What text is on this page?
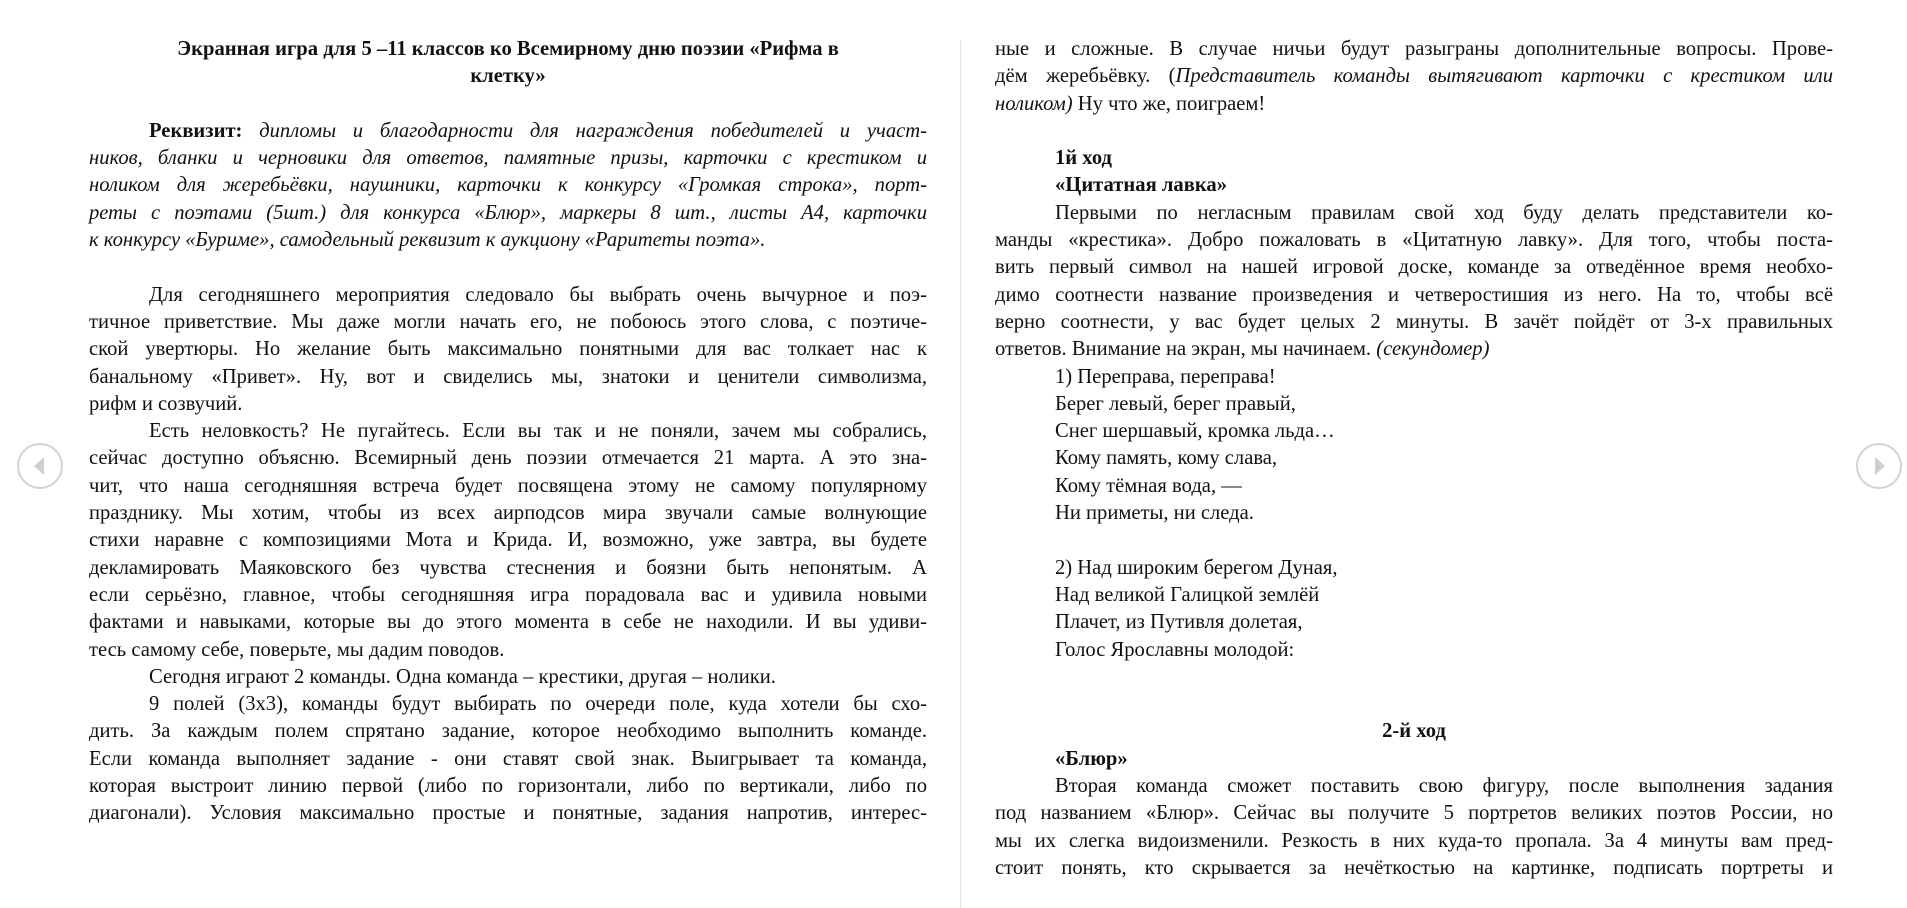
Экранная игра для 5 –11 классов ко Всемирному дню поэзии «Рифма в
клетку»

Реквизит: дипломы и благодарности для награждения победителей и участ-

ников, бланки и черновики для ответов, памятные призы, карточки с крестиком и

ноликом для жеребьёвки, наушники, карточки к конкурсу «Громкая строка», порт-

реты с поэтами (5шт.) для конкурса «Блюр», маркеры 8 шт., листы А4, карточки

к конкурсу «Буриме», самодельный реквизит к аукциону «Раритеты поэта».

Для сегодняшнего мероприятия следовало бы выбрать очень вычурное и поэ-

тичное приветствие. Мы даже могли начать его, не побоюсь этого слова, с поэтиче-

ской увертюры. Но желание быть максимально понятными для вас толкает нас к

банальному «Привет». Ну, вот и свиделись мы, знатоки и ценители символизма,

рифм и созвучий.

Есть неловкость? Не пугайтесь. Если вы так и не поняли, зачем мы собрались,

сейчас доступно объясню. Всемирный день поэзии отмечается 21 марта. А это зна-

чит, что наша сегодняшняя встреча будет посвящена этому не самому популярному

празднику. Мы хотим, чтобы из всех аирподсов мира звучали самые волнующие

стихи наравне с композициями Мота и Крида. И, возможно, уже завтра, вы будете

декламировать Маяковского без чувства стеснения и боязни быть непонятым. А

если серьёзно, главное, чтобы сегодняшняя игра порадовала вас и удивила новыми

фактами и навыками, которые вы до этого момента в себе не находили. И вы удиви-

тесь самому себе, поверьте, мы дадим поводов.

Сегодня играют 2 команды. Одна команда – крестики, другая – нолики.

9 полей (3х3), команды будут выбирать по очереди поле, куда хотели бы схо-

дить. За каждым полем спрятано задание, которое необходимо выполнить команде.

Если команда выполняет задание - они ставят свой знак. Выигрывает та команда,

которая выстроит линию первой (либо по горизонтали, либо по вертикали, либо по

диагонали). Условия максимально простые и понятные, задания напротив, интерес-

ные и сложные. В случае ничьи будут разыграны дополнительные вопросы. Прове-

дём жеребьёвку. (Представитель команды вытягивают карточки с крестиком или

ноликом) Ну что же, поиграем!

1й ход

«Цитатная лавка»

Первыми по негласным правилам свой ход буду делать представители ко-

манды «крестика». Добро пожаловать в «Цитатную лавку». Для того, чтобы поста-

вить первый символ на нашей игровой доске, команде за отведённое время необхо-

димо соотнести название произведения и четверостишия из него. На то, чтобы всё

верно соотнести, у вас будет целых 2 минуты. В зачёт пойдёт от 3-х правильных

ответов. Внимание на экран, мы начинаем. (секундомер)

1) Переправа, переправа!

Берег левый, берег правый,

Снег шершавый, кромка льда…

Кому память, кому слава,

Кому тёмная вода, —

Ни приметы, ни следа.

2) Над широким берегом Дуная,

Над великой Галицкой землёй

Плачет, из Путивля долетая,

Голос Ярославны молодой:

2-й ход

«Блюр»

Вторая команда сможет поставить свою фигуру, после выполнения задания

под названием «Блюр». Сейчас вы получите 5 портретов великих поэтов России, но

мы их слегка видоизменили. Резкость в них куда-то пропала. За 4 минуты вам пред-

стоит понять, кто скрывается за нечёткостью на картинке, подписать портреты и
